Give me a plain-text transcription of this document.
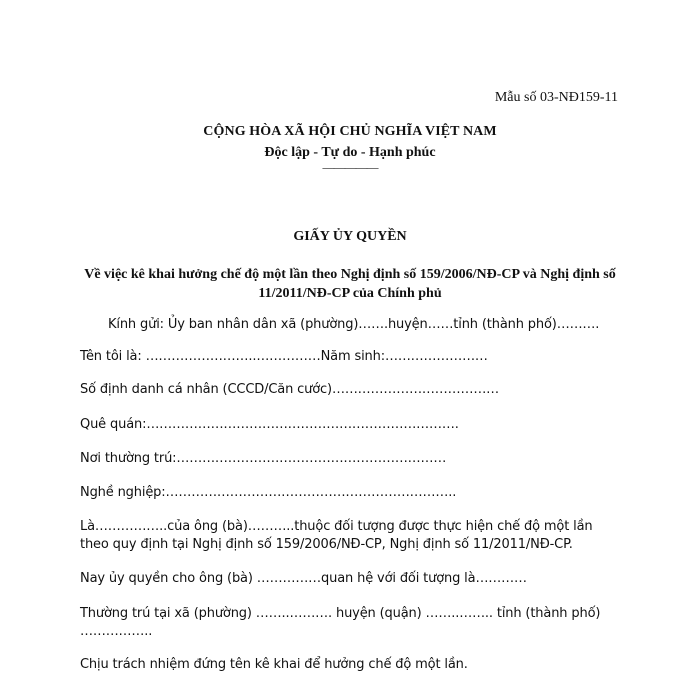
Mẫu số 03-NĐ159-11
CỘNG HÒA XÃ HỘI CHỦ NGHĨA VIỆT NAM
Độc lập - Tự do - Hạnh phúc
—————
GIẤY ỦY QUYỀN
Về việc kê khai hưởng chế độ một lần theo Nghị định số 159/2006/NĐ-CP và Nghị định số 11/2011/NĐ-CP của Chính phủ
Kính gửi: Ủy ban nhân dân xã (phường)…….huyện……tỉnh (thành phố)……….
Tên tôi là: ……………………..……………Năm sinh:……………………
Số định danh cá nhân (CCCD/Căn cước)…………………………………
Quê quán:……………………………………………………………….
Nơi thường trú:………………………………………………………
Nghề nghiệp:…………………………………………………………..
Là……………..của ông (bà)………..thuộc đối tượng được thực hiện chế độ một lần theo quy định tại Nghị định số 159/2006/NĐ-CP, Nghị định số 11/2011/NĐ-CP.
Nay ủy quyền cho ông (bà) ……………quan hệ với đối tượng là…………
Thường trú tại xã (phường) ……..………. huyện (quận) ……..…….. tỉnh (thành phố) ……………..
Chịu trách nhiệm đứng tên kê khai để hưởng chế độ một lần.
